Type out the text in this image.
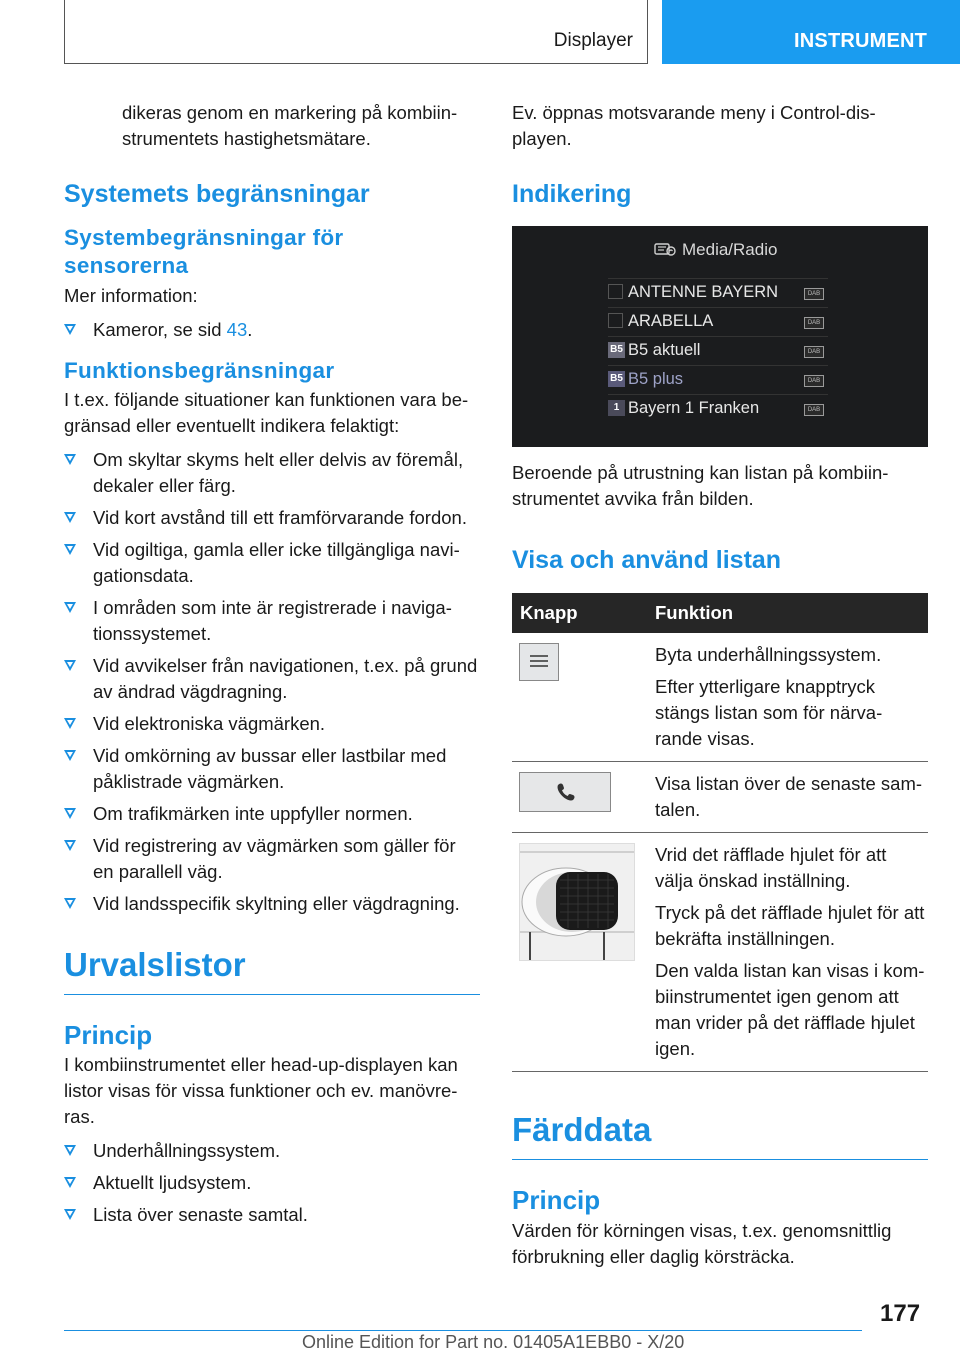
Displayer	INSTRUMENT

dikeras genom en markering på kombiin-

strumentets hastighetsmätare.

Systemets begränsningar
Systembegränsningar för
sensorerna

Mer information:

Kameror, se sid 43.
Funktionsbegränsningar

I t.ex. följande situationer kan funktionen vara be-

gränsad eller eventuellt indikera felaktigt:

Om skyltar skyms helt eller delvis av föremål, dekaler eller färg.
Vid kort avstånd till ett framförvarande fordon.
Vid ogiltiga, gamla eller icke tillgängliga navi-gationsdata.
I områden som inte är registrerade i naviga-tionssystemet.
Vid avvikelser från navigationen, t.ex. på grund av ändrad vägdragning.
Vid elektroniska vägmärken.
Vid omkörning av bussar eller lastbilar med påklistrade vägmärken.
Om trafikmärken inte uppfyller normen.
Vid registrering av vägmärken som gäller för en parallell väg.
Vid landsspecifik skyltning eller vägdragning.
Urvalslistor
Princip

I kombiinstrumentet eller head-up-displayen kan listor visas för vissa funktioner och ev. manövre-ras.

Underhållningssystem.
Aktuellt ljudsystem.
Lista över senaste samtal.

Ev. öppnas motsvarande meny i Control-dis-

playen.

Indikering
Media/Radio
ANTENNE BAYERN	DAB
ARABELLA	DAB
B5 B5 aktuell	DAB
B5 B5 plus	DAB
1 Bayern 1 Franken	DAB

Beroende på utrustning kan listan på kombiin-

strumentet avvika från bilden.

Visa och använd listan
Knapp	Funktion

Byta underhållningssystem.

Efter ytterligare knapptryck stängs listan som för närva-rande visas.

Visa listan över de senaste sam-talen.

Vrid det räfflade hjulet för att välja önskad inställning.

Tryck på det räfflade hjulet för att bekräfta inställningen.

Den valda listan kan visas i kom-biinstrumentet igen genom att man vrider på det räfflade hjulet igen.

Färddata
Princip

Värden för körningen visas, t.ex. genomsnittlig

förbrukning eller daglig körsträcka.

177
Online Edition for Part no. 01405A1EBB0 - X/20
